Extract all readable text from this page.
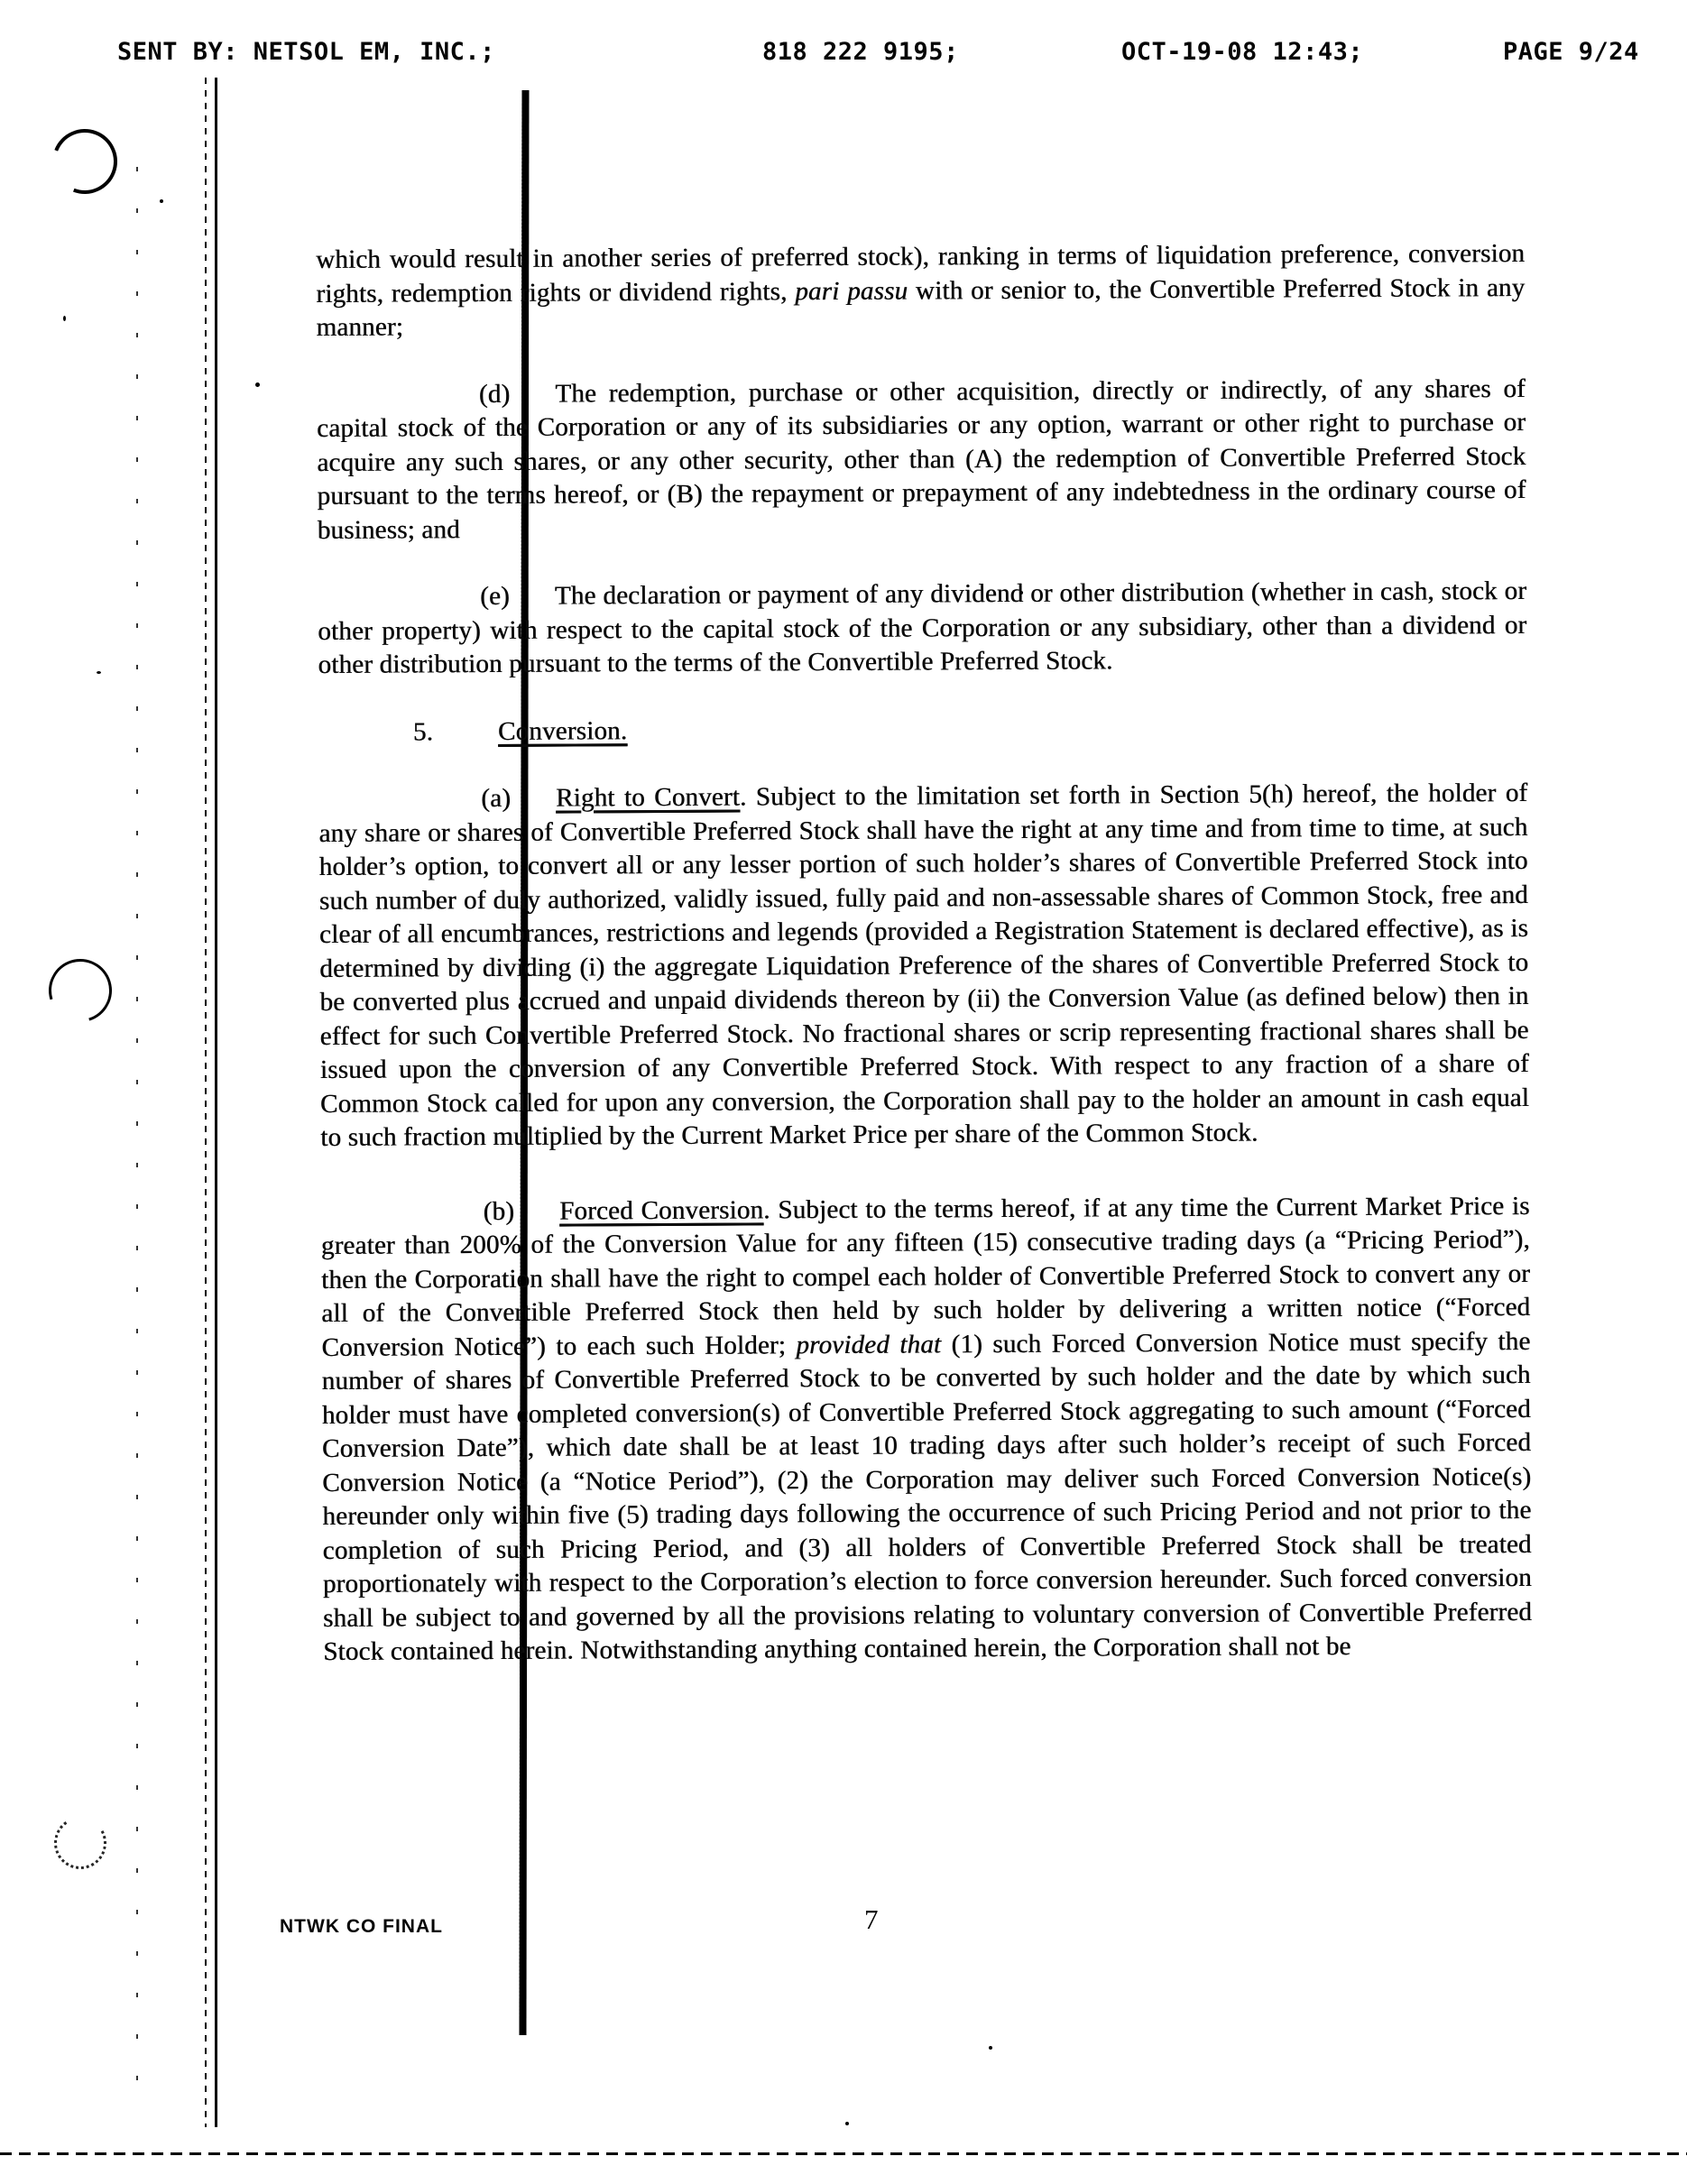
SENT BY: NETSOL EM, INC.;	818 222 9195;	OCT-19-08 12:43;	PAGE 9/24

which would result in another series of preferred stock), ranking in terms of liquidation preference, conversion rights, redemption rights or dividend rights, pari passu with or senior to, the Convertible Preferred Stock in any manner;

(d) The redemption, purchase or other acquisition, directly or indirectly, of any shares of capital stock of the Corporation or any of its subsidiaries or any option, warrant or other right to purchase or acquire any such shares, or any other security, other than (A) the redemption of Convertible Preferred Stock pursuant to the terms hereof, or (B) the repayment or prepayment of any indebtedness in the ordinary course of business; and

(e) The declaration or payment of any dividend or other distribution (whether in cash, stock or other property) with respect to the capital stock of the Corporation or any subsidiary, other than a dividend or other distribution pursuant to the terms of the Convertible Preferred Stock.

5. Conversion.

(a) Right to Convert. Subject to the limitation set forth in Section 5(h) hereof, the holder of any share or shares of Convertible Preferred Stock shall have the right at any time and from time to time, at such holder’s option, to convert all or any lesser portion of such holder’s shares of Convertible Preferred Stock into such number of duly authorized, validly issued, fully paid and non-assessable shares of Common Stock, free and clear of all encumbrances, restrictions and legends (provided a Registration Statement is declared effective), as is determined by dividing (i) the aggregate Liquidation Preference of the shares of Convertible Preferred Stock to be converted plus accrued and unpaid dividends thereon by (ii) the Conversion Value (as defined below) then in effect for such Convertible Preferred Stock. No fractional shares or scrip representing fractional shares shall be issued upon the conversion of any Convertible Preferred Stock. With respect to any fraction of a share of Common Stock called for upon any conversion, the Corporation shall pay to the holder an amount in cash equal to such fraction multiplied by the Current Market Price per share of the Common Stock.

(b) Forced Conversion. Subject to the terms hereof, if at any time the Current Market Price is greater than 200% of the Conversion Value for any fifteen (15) consecutive trading days (a “Pricing Period”), then the Corporation shall have the right to compel each holder of Convertible Preferred Stock to convert any or all of the Convertible Preferred Stock then held by such holder by delivering a written notice (“Forced Conversion Notice”) to each such Holder; provided that (1) such Forced Conversion Notice must specify the number of shares of Convertible Preferred Stock to be converted by such holder and the date by which such holder must have completed conversion(s) of Convertible Preferred Stock aggregating to such amount (“Forced Conversion Date”), which date shall be at least 10 trading days after such holder’s receipt of such Forced Conversion Notice (a “Notice Period”), (2) the Corporation may deliver such Forced Conversion Notice(s) hereunder only within five (5) trading days following the occurrence of such Pricing Period and not prior to the completion of such Pricing Period, and (3) all holders of Convertible Preferred Stock shall be treated proportionately with respect to the Corporation’s election to force conversion hereunder. Such forced conversion shall be subject to and governed by all the provisions relating to voluntary conversion of Convertible Preferred Stock contained herein. Notwithstanding anything contained herein, the Corporation shall not be

NTWK CO FINAL	7
